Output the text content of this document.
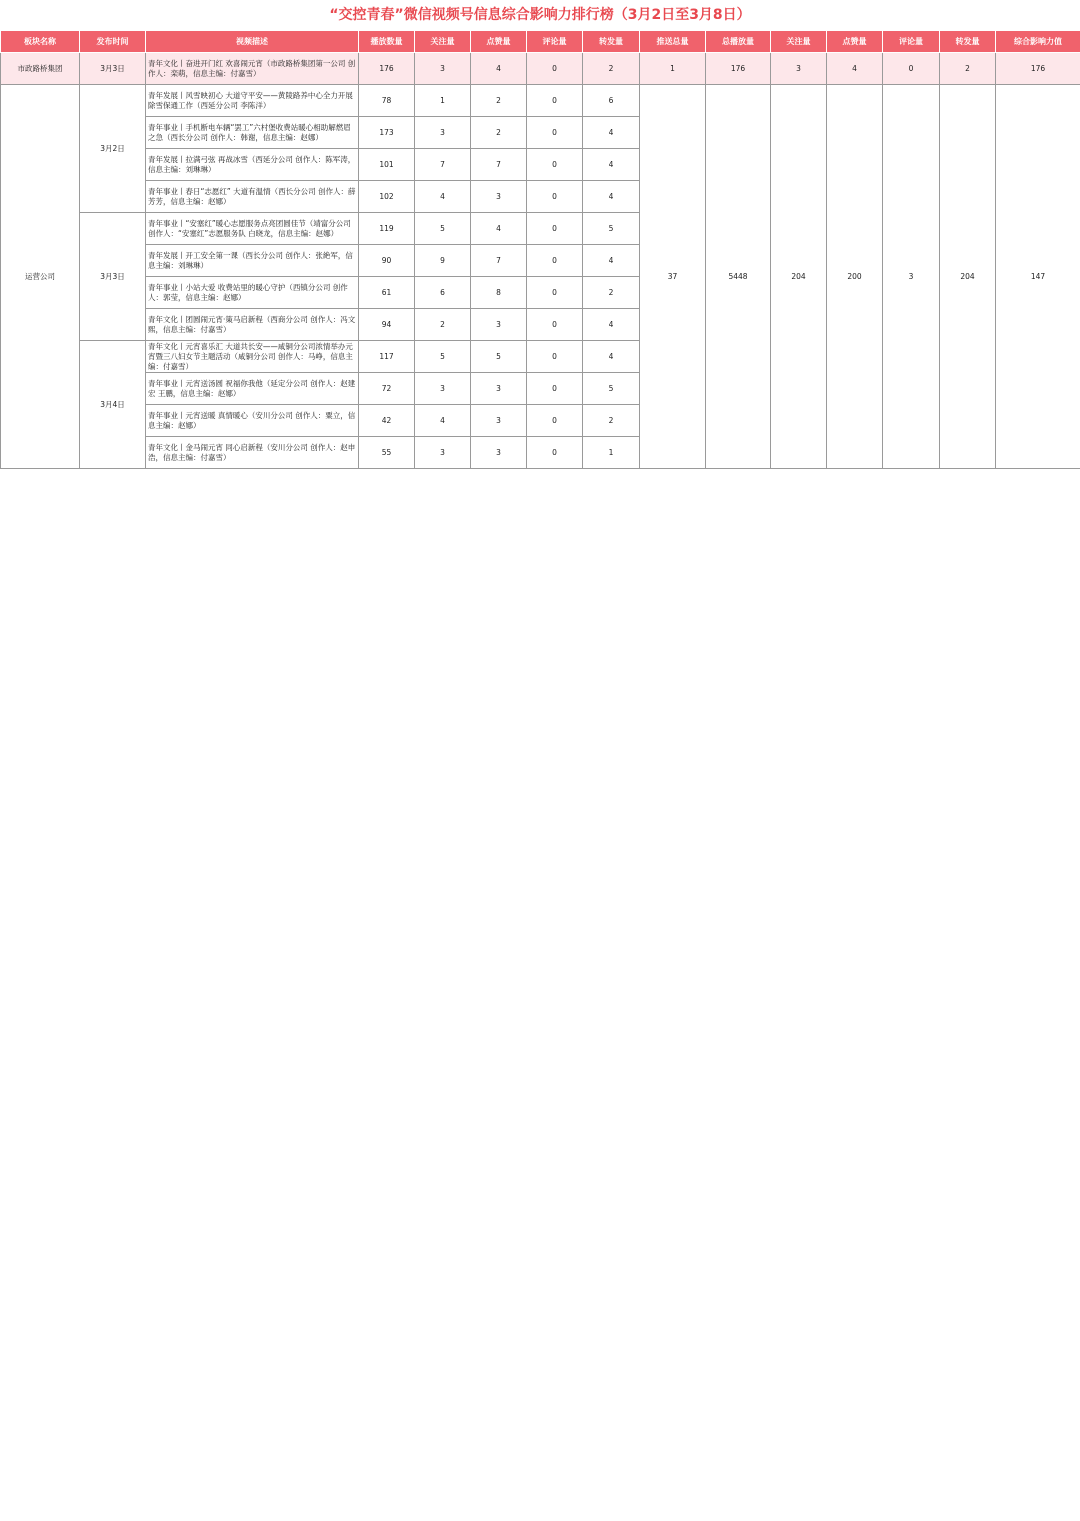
“交控青春”微信视频号信息综合影响力排行榜（3月2日至3月8日）
板块名称	发布时间	视频描述	播放数量	关注量	点赞量	评论量	转发量	推送总量	总播放量	关注量	点赞量	评论量	转发量	综合影响力值
市政路桥集团	3月3日	青年文化丨奋进开门红 欢喜闹元宵（市政路桥集团第一公司 创作人：栾萌，信息主编：付嘉雪）	176	3	4	0	2	1	176	3	4	0	2	176
运营公司	3月2日	青年发展丨风雪映初心 大道守平安——黄陵路养中心全力开展除雪保通工作（西延分公司 李陈洋）	78	1	2	0	6	37	5448	204	200	3	204	147
		青年事业丨手机断电车辆“罢工”六村堡收费站暖心相助解燃眉之急（西长分公司 创作人：韩谢，信息主编：赵娜）	173	3	2	0	4							
		青年发展丨拉满弓弦 再战冰雪（西延分公司 创作人：陈军涛，信息主编：刘琳琳）	101	7	7	0	4							
		青年事业丨春日“志愿红” 大道有温情（西长分公司 创作人：薛芳芳，信息主编：赵娜）	102	4	3	0	4							
	3月3日	青年事业丨“安塞红”暖心志愿服务点亮团圆佳节（靖富分公司 创作人：“安塞红”志愿服务队 白晓龙，信息主编：赵娜）	119	5	4	0	5							
		青年发展丨开工安全第一课（西长分公司 创作人：张絶军，信息主编：刘琳琳）	90	9	7	0	4							
		青年事业丨小站大爱 收费站里的暖心守护（西镇分公司 创作人：郭莹，信息主编：赵娜）	61	6	8	0	2							
		青年文化丨团圆闹元宵·策马启新程（西商分公司 创作人：冯文熙，信息主编：付嘉雪）	94	2	3	0	4							
	3月4日	青年文化丨元宵喜乐汇 大道共长安——咸铜分公司浓情举办元宵暨三八妇女节主题活动（咸铜分公司 创作人：马峥，信息主编：付嘉雪）	117	5	5	0	4							
		青年事业丨元宵送汤圆 祝福你我他（延定分公司 创作人：赵建宏 王鹏，信息主编：赵娜）	72	3	3	0	5							
		青年事业丨元宵送暖 真情暖心（安川分公司 创作人：粟立，信息主编：赵娜）	42	4	3	0	2							
		青年文化丨金马闹元宵 同心启新程（安川分公司 创作人：赵申浩，信息主编：付嘉雪）	55	3	3	0	1							
